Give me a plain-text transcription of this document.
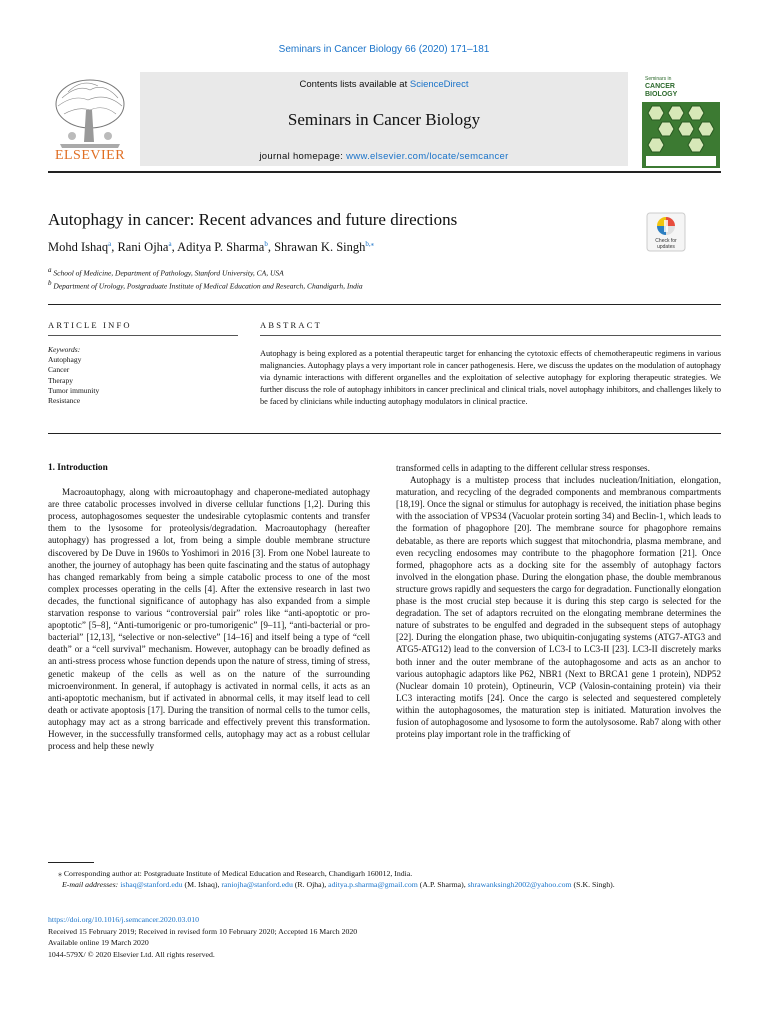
Seminars in Cancer Biology 66 (2020) 171–181
ELSEVIER
Contents lists available at ScienceDirect
Seminars in Cancer Biology
journal homepage: www.elsevier.com/locate/semcancer
Seminars in
CANCER
BIOLOGY
Autophagy in cancer: Recent advances and future directions
Check for updates
Mohd Ishaq$^a$, Rani Ojha$^a$, Aditya P. Sharma$^b$, Shrawan K. Singh$^{b,⁎}$
$^a$ School of Medicine, Department of Pathology, Stanford University, CA, USA
$^b$ Department of Urology, Postgraduate Institute of Medical Education and Research, Chandigarh, India
ARTICLE INFO	ABSTRACT
Keywords:
Autophagy
Cancer
Therapy
Tumor immunity
Resistance
Autophagy is being explored as a potential therapeutic target for enhancing the cytotoxic effects of chemotherapeutic regimens in various malignancies. Autophagy plays a very important role in cancer pathogenesis. Here, we discuss the updates on the modulation of autophagy via dynamic interactions with different organelles and the exploitation of selective autophagy for exploring therapeutic strategies. We further discuss the role of autophagy inhibitors in cancer preclinical and clinical trials, novel autophagy inhibitors, and challenges likely to be faced by clinicians while inducting autophagy modulators in clinical practice.
1. Introduction

Macroautophagy, along with microautophagy and chaperone-mediated autophagy are three catabolic processes involved in diverse cellular functions [1,2]. During this process, autophagosomes sequester the undesirable cytoplasmic contents and transfer them to the lysosome for proteolysis/degradation. Macroautophagy (hereafter autophagy) has progressed a lot, from being a simple double membrane structure discovered by De Duve in 1960s to Yoshimori in 2016 [3]. From one Nobel laureate to another, the journey of autophagy has been quite fascinating and the status of autophagy has changed remarkably from being a simple catabolic process to one of the most complex processes operating in the cells [4]. After the extensive research in last two decades, the functional significance of autophagy has also expanded from a simple starvation response to various “controversial pair” roles like “anti-apoptotic or pro-apoptotic” [5–8], “Anti-tumorigenic or pro-tumorigenic” [9–11], “anti-bacterial or pro-bacterial” [12,13], “selective or non-selective” [14–16] and itself being a type of “cell death” or a “cell survival” mechanism. However, autophagy can be broadly defined as an anti-stress process whose function depends upon the nature of stress, timing of stress, genetic makeup of the cells as well as on the nature of the surrounding microenvironment. In general, if autophagy is activated in normal cells, it acts as an anti-apoptotic mechanism, but if activated in abnormal cells, it may itself lead to cell death or activate apoptosis [17]. During the transition of normal cells to the tumor cells, autophagy may act as a strong barricade and effectively prevent this transformation. However, in the successfully transformed cells, autophagy may act as a robust cellular process and help these newly

transformed cells in adapting to the different cellular stress responses.

Autophagy is a multistep process that includes nucleation/Initiation, elongation, maturation, and recycling of the degraded components and membranous compartments [18,19]. Once the signal or stimulus for autophagy is received, the initiation phase begins with the association of VPS34 (Vacuolar protein sorting 34) and Beclin-1, which leads to the formation of phagophore [20]. The membrane source for phagophore remains debatable, as there are reports which suggest that mitochondria, plasma membrane, and even recycling endosomes may contribute to the phagophore formation [21]. Once formed, phagophore acts as a docking site for the assembly of autophagy factors involved in the elongation phase. During the elongation phase, the double membranous structure grows rapidly and sequesters the cargo for degradation. Functionally elongation phase is the most crucial step because it is during this step cargo is selected for the degradation. The set of adaptors recruited on the elongating membrane determines the nature of substrates to be engulfed and degraded in the subsequent steps of autophagy [22]. During the elongation phase, two ubiquitin-conjugating systems (ATG7-ATG3 and ATG5-ATG12) lead to the conversion of LC3-I to LC3-II [23]. LC3-II discretely marks both inner and the outer membrane of the autophagosome and acts as an anchor to various autophagic adaptors like P62, NBR1 (Next to BRCA1 gene 1 protein), NDP52 (Nuclear domain 10 protein), Optineurin, VCP (Valosin-containing protein) via their LC3 interacting motifs [24]. Once the cargo is selected and sequestered completely within the autophagosomes, the maturation step is initiated. Maturation involves the fusion of autophagosome and lysosome to form the autolysosome. Rab7 along with other proteins play important role in the trafficking of

⁎ Corresponding author at: Postgraduate Institute of Medical Education and Research, Chandigarh 160012, India.
E-mail addresses: ishaq@stanford.edu (M. Ishaq), raniojha@stanford.edu (R. Ojha), aditya.p.sharma@gmail.com (A.P. Sharma), shrawanksingh2002@yahoo.com (S.K. Singh).
https://doi.org/10.1016/j.semcancer.2020.03.010
Received 15 February 2019; Received in revised form 10 February 2020; Accepted 16 March 2020
Available online 19 March 2020
1044-579X/ © 2020 Elsevier Ltd. All rights reserved.
